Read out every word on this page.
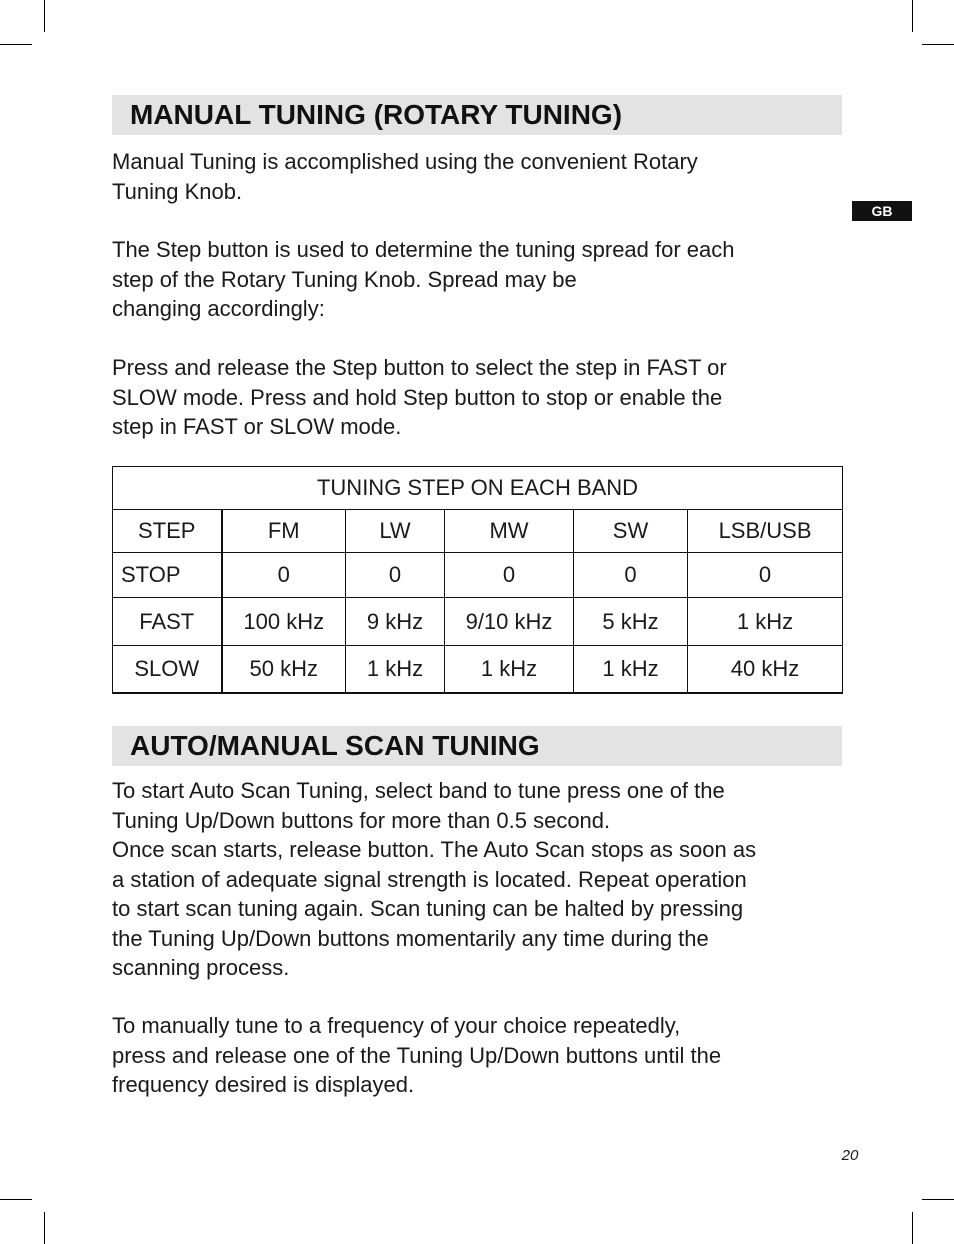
GB
MANUAL TUNING (ROTARY TUNING)

Manual Tuning is accomplished using the convenient Rotary
Tuning Knob.

The Step button is used to determine the tuning spread for each
step of the Rotary Tuning Knob. Spread may be
changing accordingly:

Press and release the Step button to select the step in FAST or
SLOW mode. Press and hold Step button to stop or enable the
step in FAST or SLOW mode.

TUNING STEP ON EACH BAND					
STEP	FM	LW	MW	SW	LSB/USB
STOP	0	0	0	0	0
FAST	100 kHz	9 kHz	9/10 kHz	5 kHz	1 kHz
SLOW	50 kHz	1 kHz	1 kHz	1 kHz	40 kHz
AUTO/MANUAL SCAN TUNING

To start Auto Scan Tuning, select band to tune press one of the
Tuning Up/Down buttons for more than 0.5 second.
Once scan starts, release button. The Auto Scan stops as soon as
a station of adequate signal strength is located. Repeat operation
to start scan tuning again. Scan tuning can be halted by pressing
the Tuning Up/Down buttons momentarily any time during the
scanning process.

To manually tune to a frequency of your choice repeatedly,
press and release one of the Tuning Up/Down buttons until the
frequency desired is displayed.

20
